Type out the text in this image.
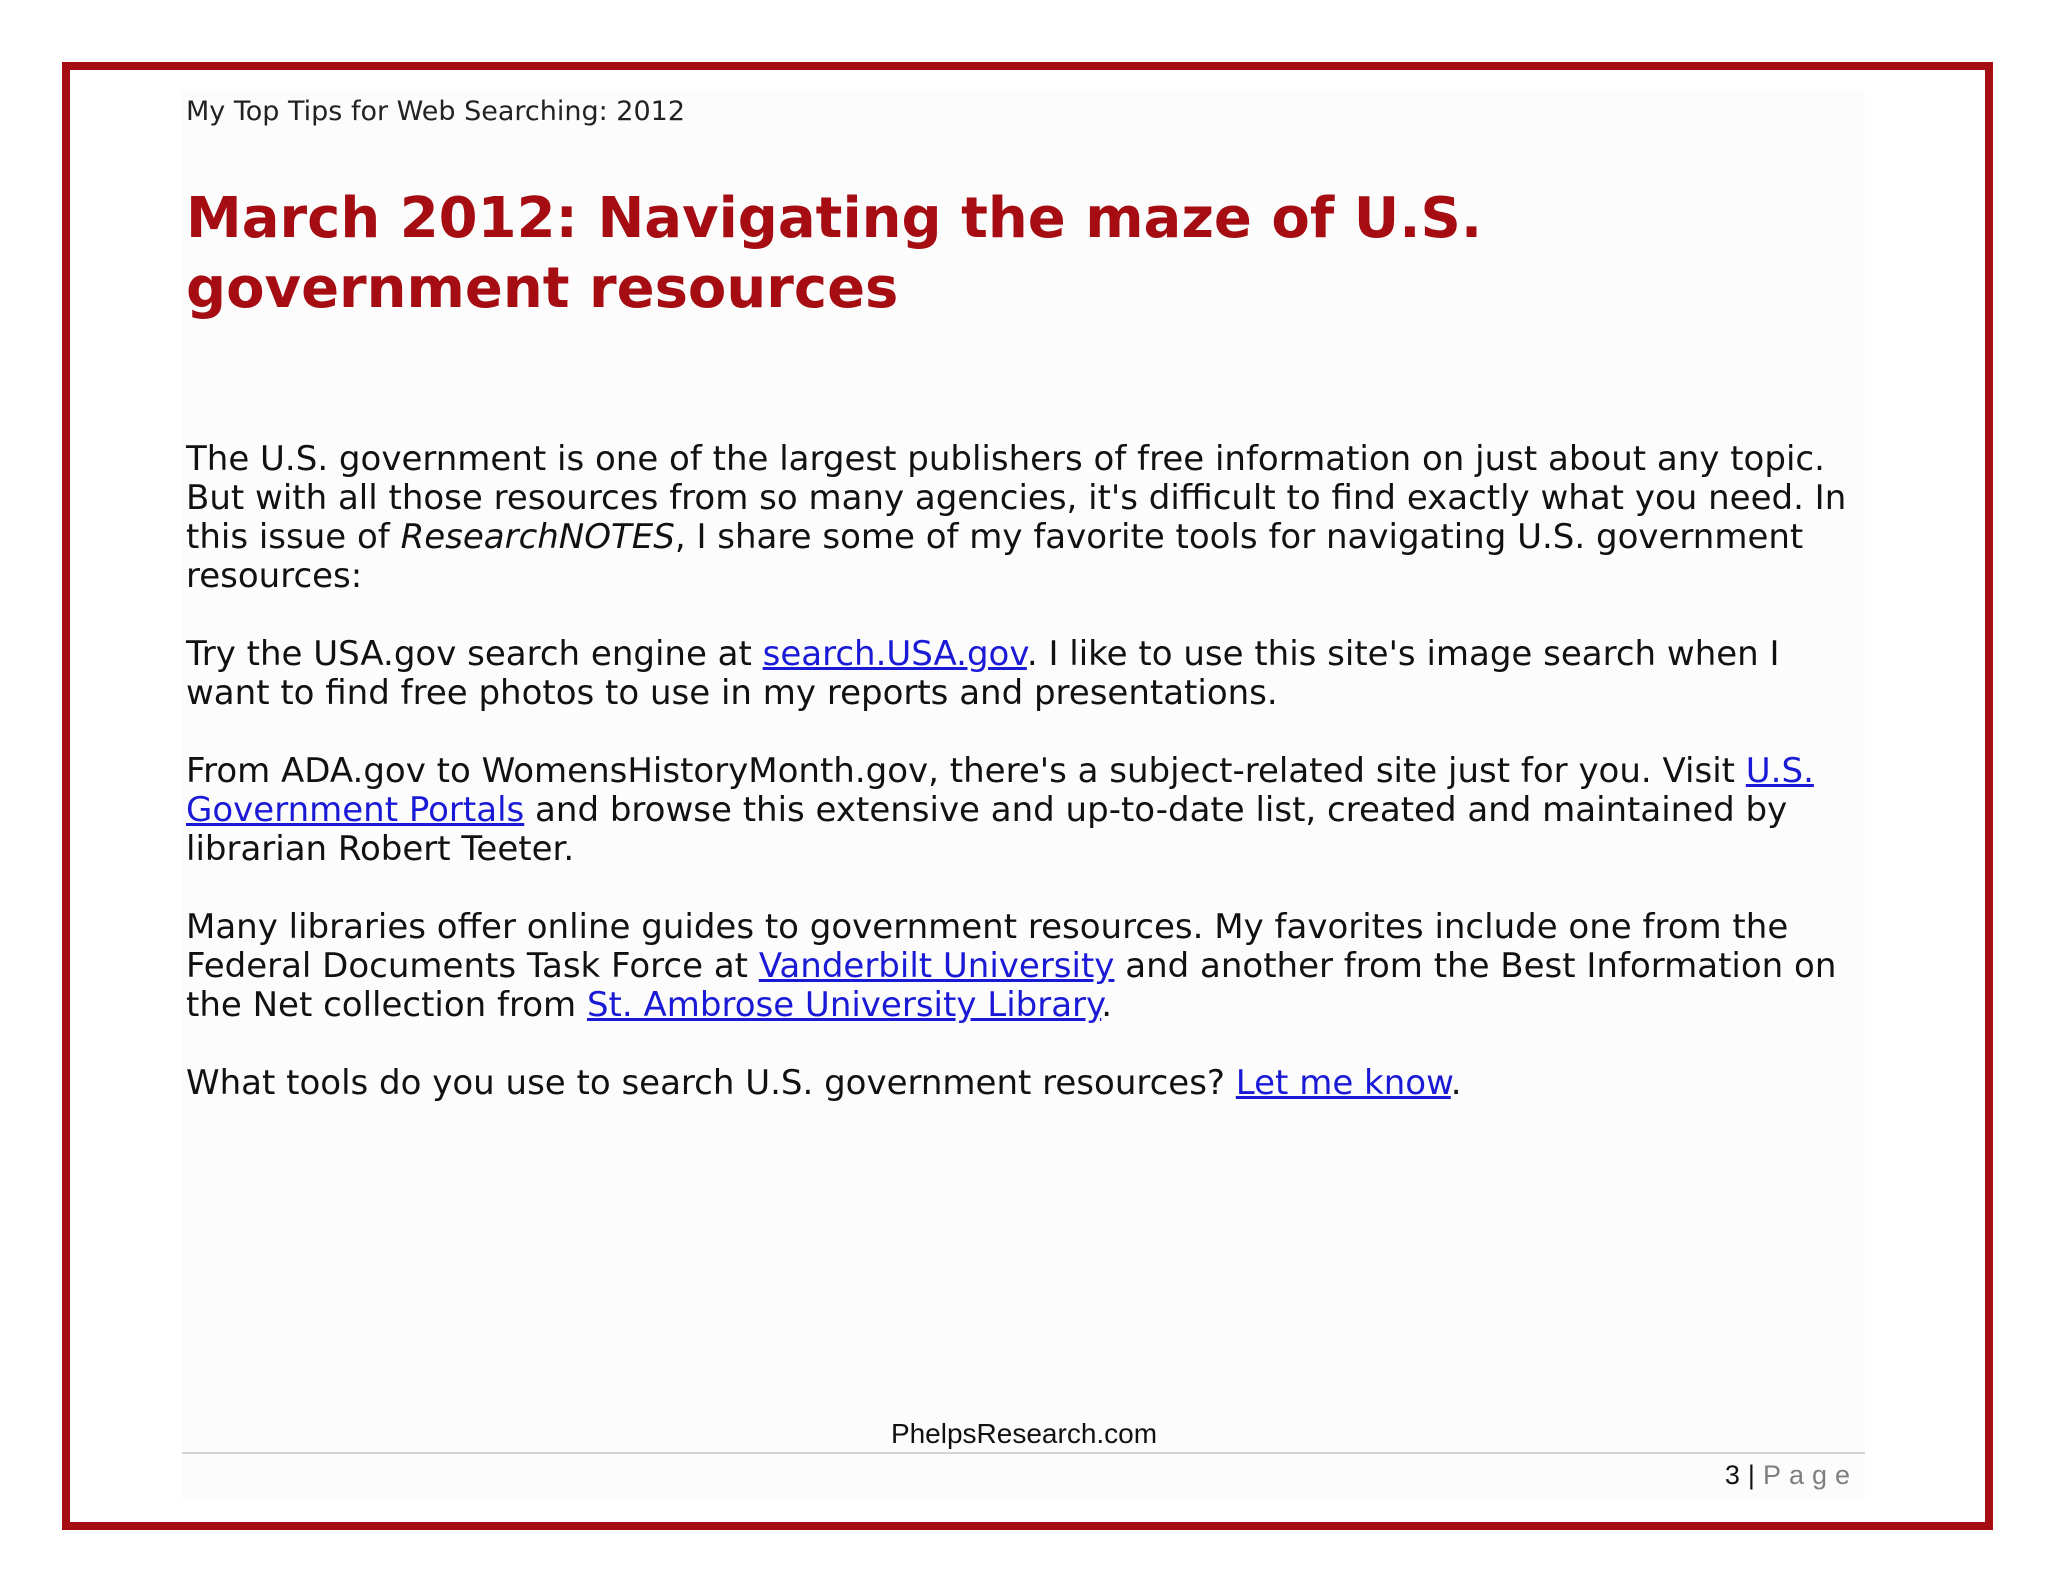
My Top Tips for Web Searching: 2012
March 2012: Navigating the maze of U.S. government resources

The U.S. government is one of the largest publishers of free information on just about any topic. But with all those resources from so many agencies, it's difficult to find exactly what you need. In this issue of ResearchNOTES, I share some of my favorite tools for navigating U.S. government resources:

Try the USA.gov search engine at search.USA.gov. I like to use this site's image search when I want to find free photos to use in my reports and presentations.

From ADA.gov to WomensHistoryMonth.gov, there's a subject-related site just for you. Visit U.S. Government Portals and browse this extensive and up-to-date list, created and maintained by librarian Robert Teeter.

Many libraries offer online guides to government resources. My favorites include one from the Federal Documents Task Force at Vanderbilt University and another from the Best Information on the Net collection from St. Ambrose University Library.

What tools do you use to search U.S. government resources? Let me know.

PhelpsResearch.com
3 | Page
